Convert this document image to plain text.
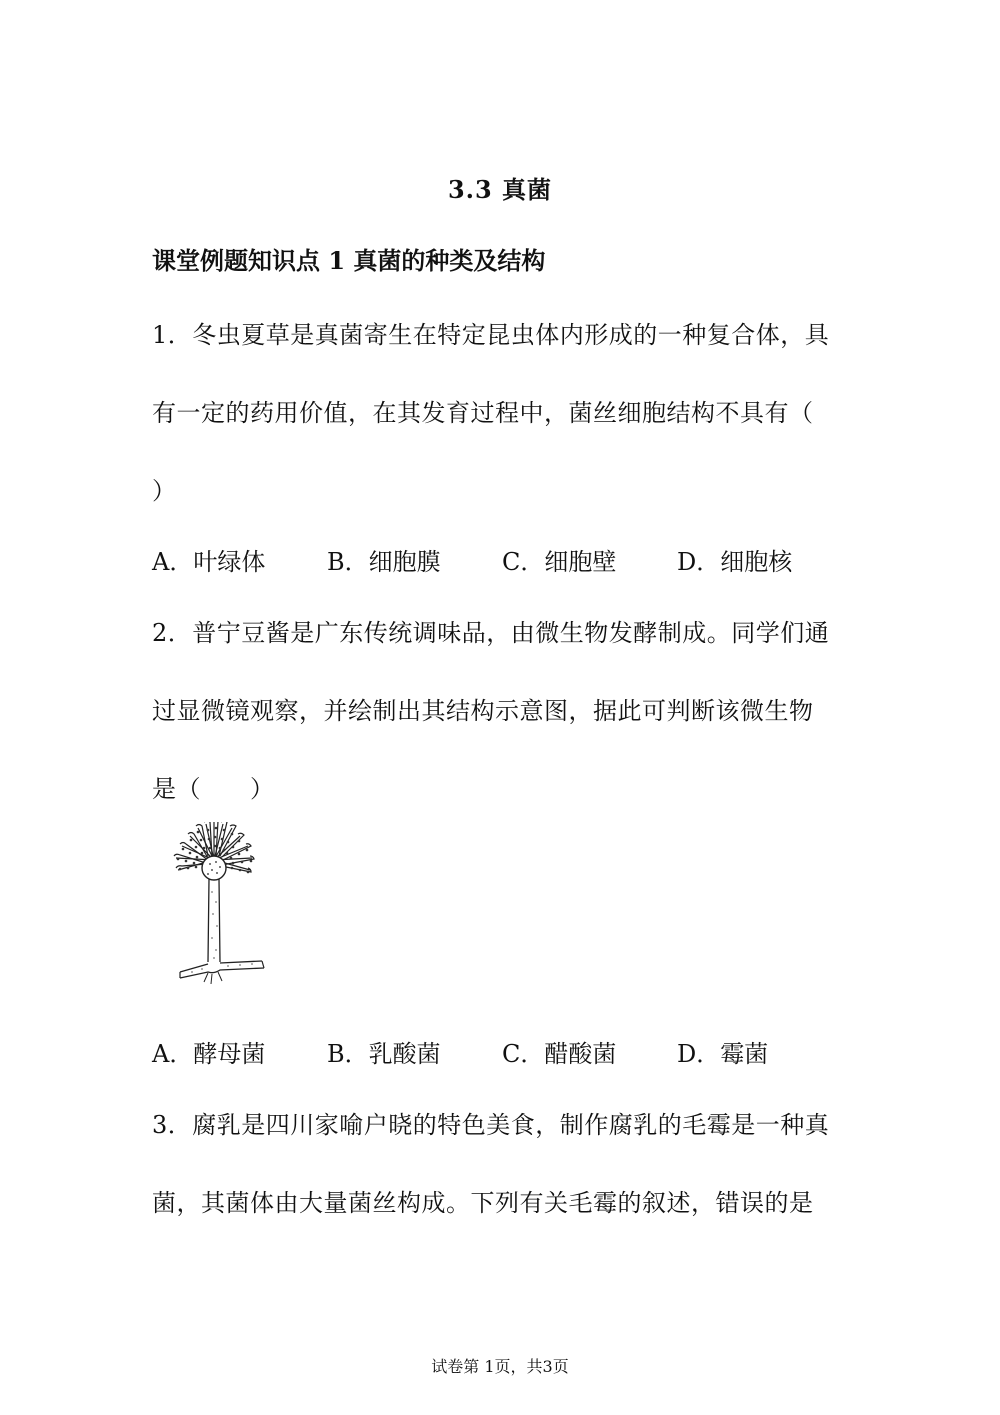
3.3 真菌
课堂例题知识点 1 真菌的种类及结构
1．冬虫夏草是真菌寄生在特定昆虫体内形成的一种复合体，具
有一定的药用价值，在其发育过程中，菌丝细胞结构不具有（
）
A．叶绿体	B．细胞膜	C．细胞壁	D．细胞核
2．普宁豆酱是广东传统调味品，由微生物发酵制成。同学们通
过显微镜观察，并绘制出其结构示意图，据此可判断该微生物
是（　　）
A．酵母菌	B．乳酸菌	C．醋酸菌	D．霉菌
3．腐乳是四川家喻户晓的特色美食，制作腐乳的毛霉是一种真
菌，其菌体由大量菌丝构成。下列有关毛霉的叙述，错误的是
试卷第 1页，共3页
